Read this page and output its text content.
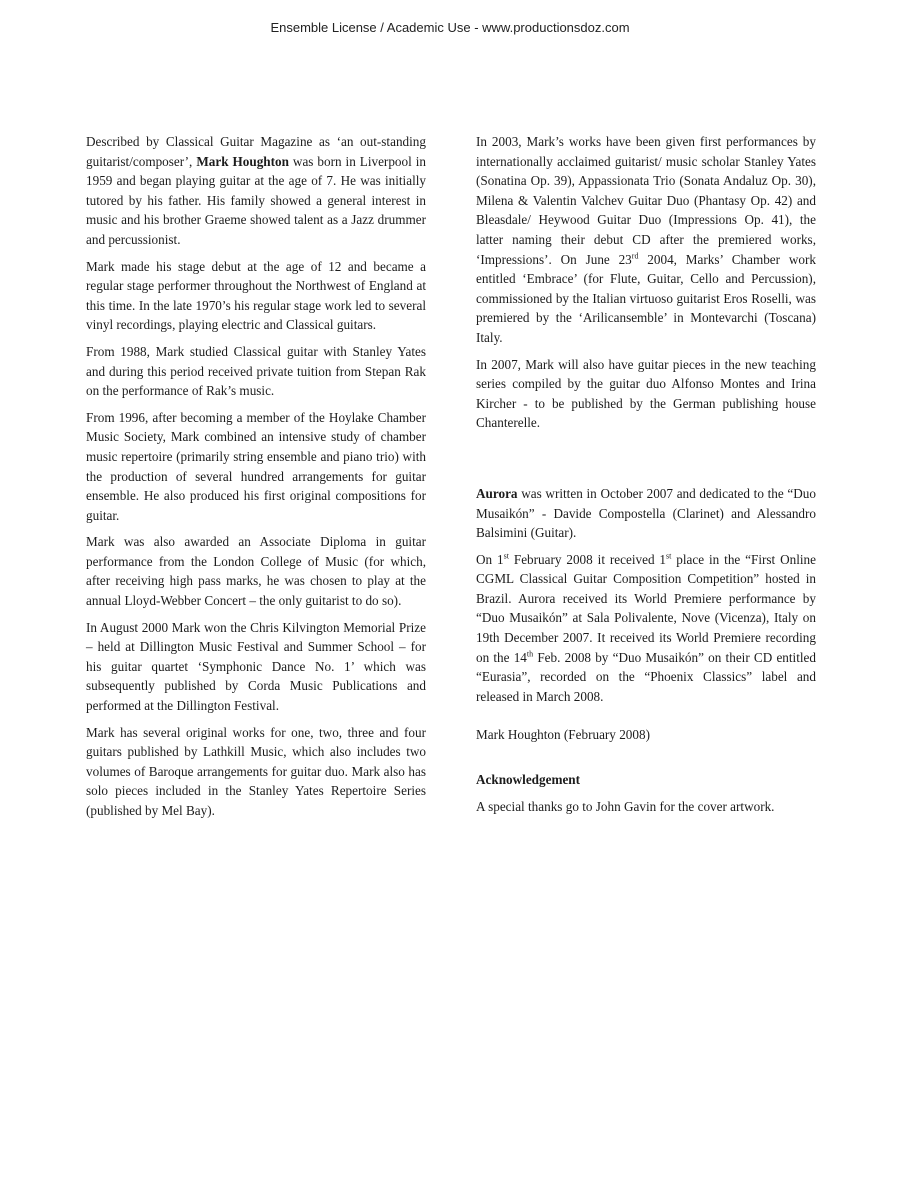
Ensemble License / Academic Use - www.productionsdoz.com

Described by Classical Guitar Magazine as ‘an out-standing guitarist/composer’, Mark Houghton was born in Liverpool in 1959 and began playing guitar at the age of 7. He was initially tutored by his father. His family showed a general interest in music and his brother Graeme showed talent as a Jazz drummer and percussionist.

Mark made his stage debut at the age of 12 and became a regular stage performer throughout the Northwest of England at this time. In the late 1970’s his regular stage work led to several vinyl recordings, playing electric and Classical guitars.

From 1988, Mark studied Classical guitar with Stanley Yates and during this period received private tuition from Stepan Rak on the performance of Rak’s music.

From 1996, after becoming a member of the Hoylake Chamber Music Society, Mark combined an intensive study of chamber music repertoire (primarily string ensemble and piano trio) with the production of several hundred arrangements for guitar ensemble. He also produced his first original compositions for guitar.

Mark was also awarded an Associate Diploma in guitar performance from the London College of Music (for which, after receiving high pass marks, he was chosen to play at the annual Lloyd-Webber Concert – the only guitarist to do so).

In August 2000 Mark won the Chris Kilvington Memorial Prize – held at Dillington Music Festival and Summer School – for his guitar quartet ‘Symphonic Dance No. 1’ which was subsequently published by Corda Music Publications and performed at the Dillington Festival.

Mark has several original works for one, two, three and four guitars published by Lathkill Music, which also includes two volumes of Baroque arrangements for guitar duo. Mark also has solo pieces included in the Stanley Yates Repertoire Series (published by Mel Bay).

In 2003, Mark’s works have been given first performances by internationally acclaimed guitarist/ music scholar Stanley Yates (Sonatina Op. 39), Appassionata Trio (Sonata Andaluz Op. 30), Milena & Valentin Valchev Guitar Duo (Phantasy Op. 42) and Bleasdale/ Heywood Guitar Duo (Impressions Op. 41), the latter naming their debut CD after the premiered works, ‘Impressions’. On June 23rd 2004, Marks’ Chamber work entitled ‘Embrace’ (for Flute, Guitar, Cello and Percussion), commissioned by the Italian virtuoso guitarist Eros Roselli, was premiered by the ‘Arilicansemble’ in Montevarchi (Toscana) Italy.

In 2007, Mark will also have guitar pieces in the new teaching series compiled by the guitar duo Alfonso Montes and Irina Kircher - to be published by the German publishing house Chanterelle.

Aurora was written in October 2007 and dedicated to the “Duo Musaikón” - Davide Compostella (Clarinet) and Alessandro Balsimini (Guitar).

On 1st February 2008 it received 1st place in the “First Online CGML Classical Guitar Composition Competition” hosted in Brazil. Aurora received its World Premiere performance by “Duo Musaikón” at Sala Polivalente, Nove (Vicenza), Italy on 19th December 2007. It received its World Premiere recording on the 14th Feb. 2008 by “Duo Musaikón” on their CD entitled “Eurasia”, recorded on the “Phoenix Classics” label and released in March 2008.

Mark Houghton (February 2008)

Acknowledgement

A special thanks go to John Gavin for the cover artwork.
